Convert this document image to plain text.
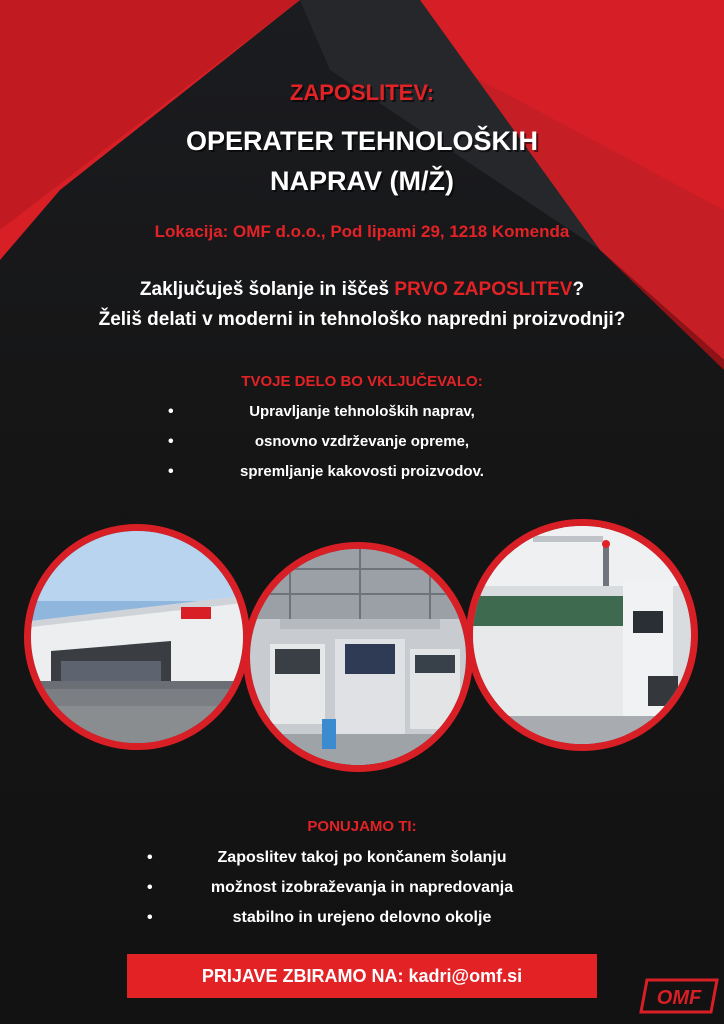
ZAPOSLITEV:
OPERATER TEHNOLOŠKIH
NAPRAV (M/Ž)
Lokacija: OMF d.o.o., Pod lipami 29, 1218 Komenda
Zaključuješ šolanje in iščeš PRVO ZAPOSLITEV?
Želiš delati v moderni in tehnološko napredni proizvodnji?
TVOJE DELO BO VKLJUČEVALO:
•	Upravljanje tehnoloških naprav,
•	osnovno vzdrževanje opreme,
•	spremljanje kakovosti proizvodov.
PONUJAMO TI:
•	Zaposlitev takoj po končanem šolanju
•	možnost izobraževanja in napredovanja
•	stabilno in urejeno delovno okolje
PRIJAVE ZBIRAMO NA: kadri@omf.si
OMF
